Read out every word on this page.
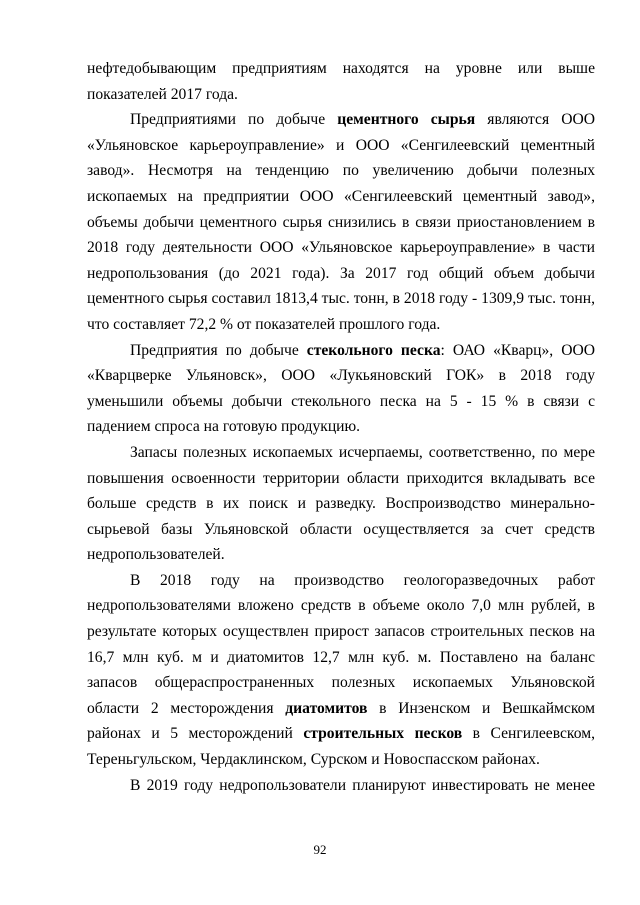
нефтедобывающим предприятиям находятся на уровне или выше показателей 2017 года.

Предприятиями по добыче цементного сырья являются ООО «Ульяновское карьероуправление» и ООО «Сенгилеевский цементный завод». Несмотря на тенденцию по увеличению добычи полезных ископаемых на предприятии ООО «Сенгилеевский цементный завод», объемы добычи цементного сырья снизились в связи приостановлением в 2018 году деятельности ООО «Ульяновское карьероуправление» в части недропользования (до 2021 года). За 2017 год общий объем добычи цементного сырья составил 1813,4 тыс. тонн, в 2018 году - 1309,9 тыс. тонн, что составляет 72,2 % от показателей прошлого года.

Предприятия по добыче стекольного песка: ОАО «Кварц», ООО «Кварцверке Ульяновск», ООО «Лукьяновский ГОК» в 2018 году уменьшили объемы добычи стекольного песка на 5 - 15 % в связи с падением спроса на готовую продукцию.

Запасы полезных ископаемых исчерпаемы, соответственно, по мере повышения освоенности территории области приходится вкладывать все больше средств в их поиск и разведку. Воспроизводство минерально-сырьевой базы Ульяновской области осуществляется за счет средств недропользователей.

В 2018 году на производство геологоразведочных работ недропользователями вложено средств в объеме около 7,0 млн рублей, в результате которых осуществлен прирост запасов строительных песков на 16,7 млн куб. м и диатомитов 12,7 млн куб. м. Поставлено на баланс запасов общераспространенных полезных ископаемых Ульяновской области 2 месторождения диатомитов в Инзенском и Вешкаймском районах и 5 месторождений строительных песков в Сенгилеевском, Тереньгульском, Чердаклинском, Сурском и Новоспасском районах.

В 2019 году недропользователи планируют инвестировать не менее

92
